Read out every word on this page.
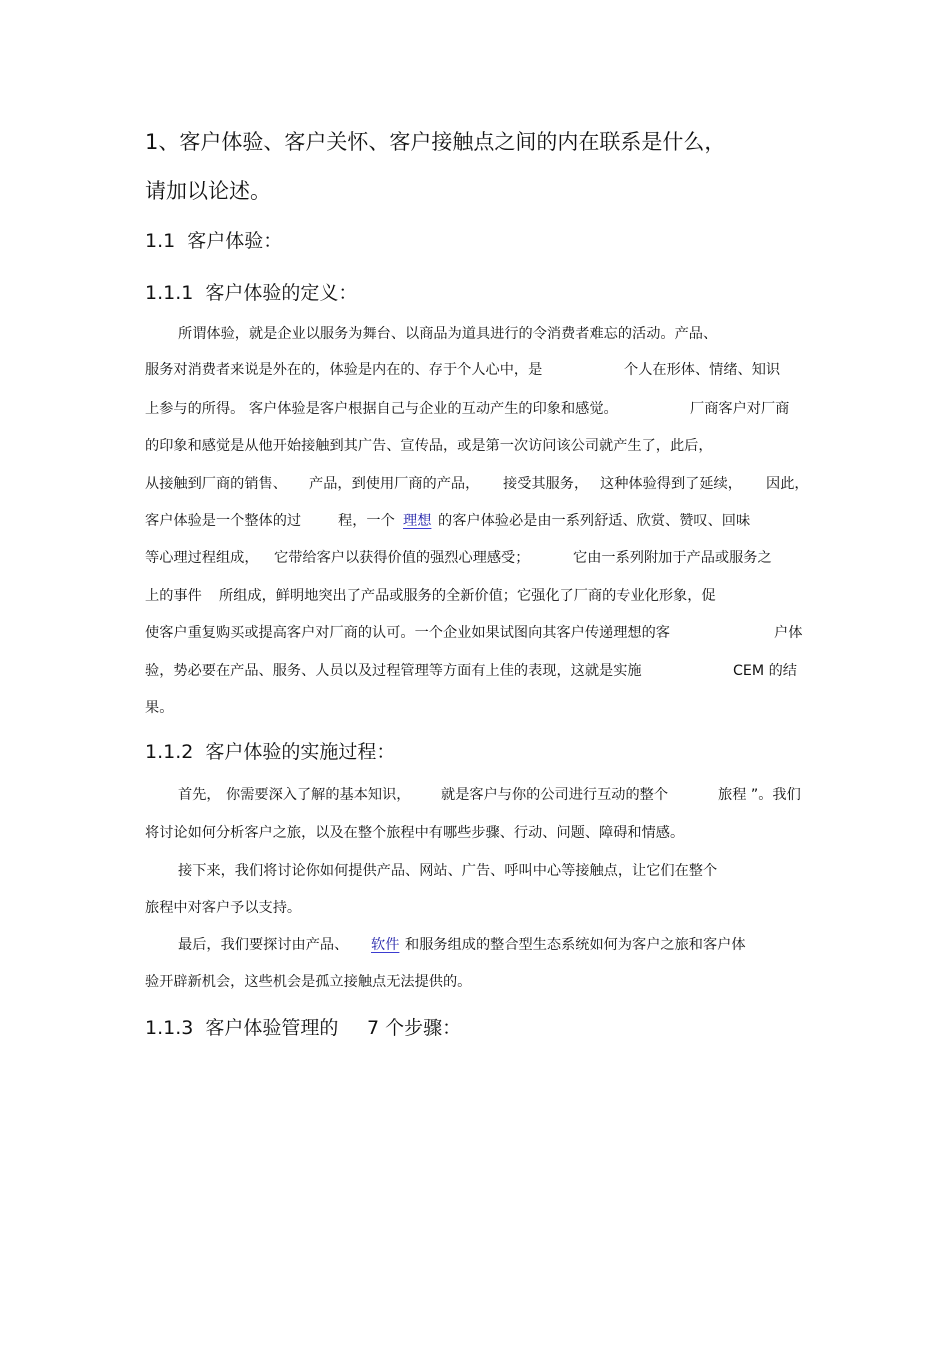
1、客户体验、客户关怀、客户接触点之间的内在联系是什么，
请加以论述。
1.1  客户体验：
1.1.1  客户体验的定义：
所谓体验，就是企业以服务为舞台、以商品为道具进行的令消费者难忘的活动。产品、
服务对消费者来说是外在的，体验是内在的、存于个人心中，是	个人在形体、情绪、知识
上参与的所得。 客户体验是客户根据自己与企业的互动产生的印象和感觉。	厂商客户对厂商
的印象和感觉是从他开始接触到其广告、宣传品，或是第一次访问该公司就产生了，此后，
从接触到厂商的销售、 产品，到使用厂商的产品， 接受其服务， 这种体验得到了延续， 因此，
客户体验是一个整体的过	程，一个 理想 的客户体验必是由一系列舒适、欣赏、赞叹、回味
等心理过程组成， 它带给客户以获得价值的强烈心理感受；	它由一系列附加于产品或服务之
上的事件 所组成，鲜明地突出了产品或服务的全新价值；它强化了厂商的专业化形象，促
使客户重复购买或提高客户对厂商的认可。一个企业如果试图向其客户传递理想的客	户体
验，势必要在产品、服务、人员以及过程管理等方面有上佳的表现，这就是实施	CEM 的结
果。
1.1.2  客户体验的实施过程：
首先， 你需要深入了解的基本知识， 就是客户与你的公司进行互动的整个	旅程 ”。我们
将讨论如何分析客户之旅，以及在整个旅程中有哪些步骤、行动、问题、障碍和情感。
接下来，我们将讨论你如何提供产品、网站、广告、呼叫中心等接触点，让它们在整个
旅程中对客户予以支持。
最后，我们要探讨由产品、 软件 和服务组成的整合型生态系统如何为客户之旅和客户体
验开辟新机会，这些机会是孤立接触点无法提供的。
1.1.3  客户体验管理的 7 个步骤：
